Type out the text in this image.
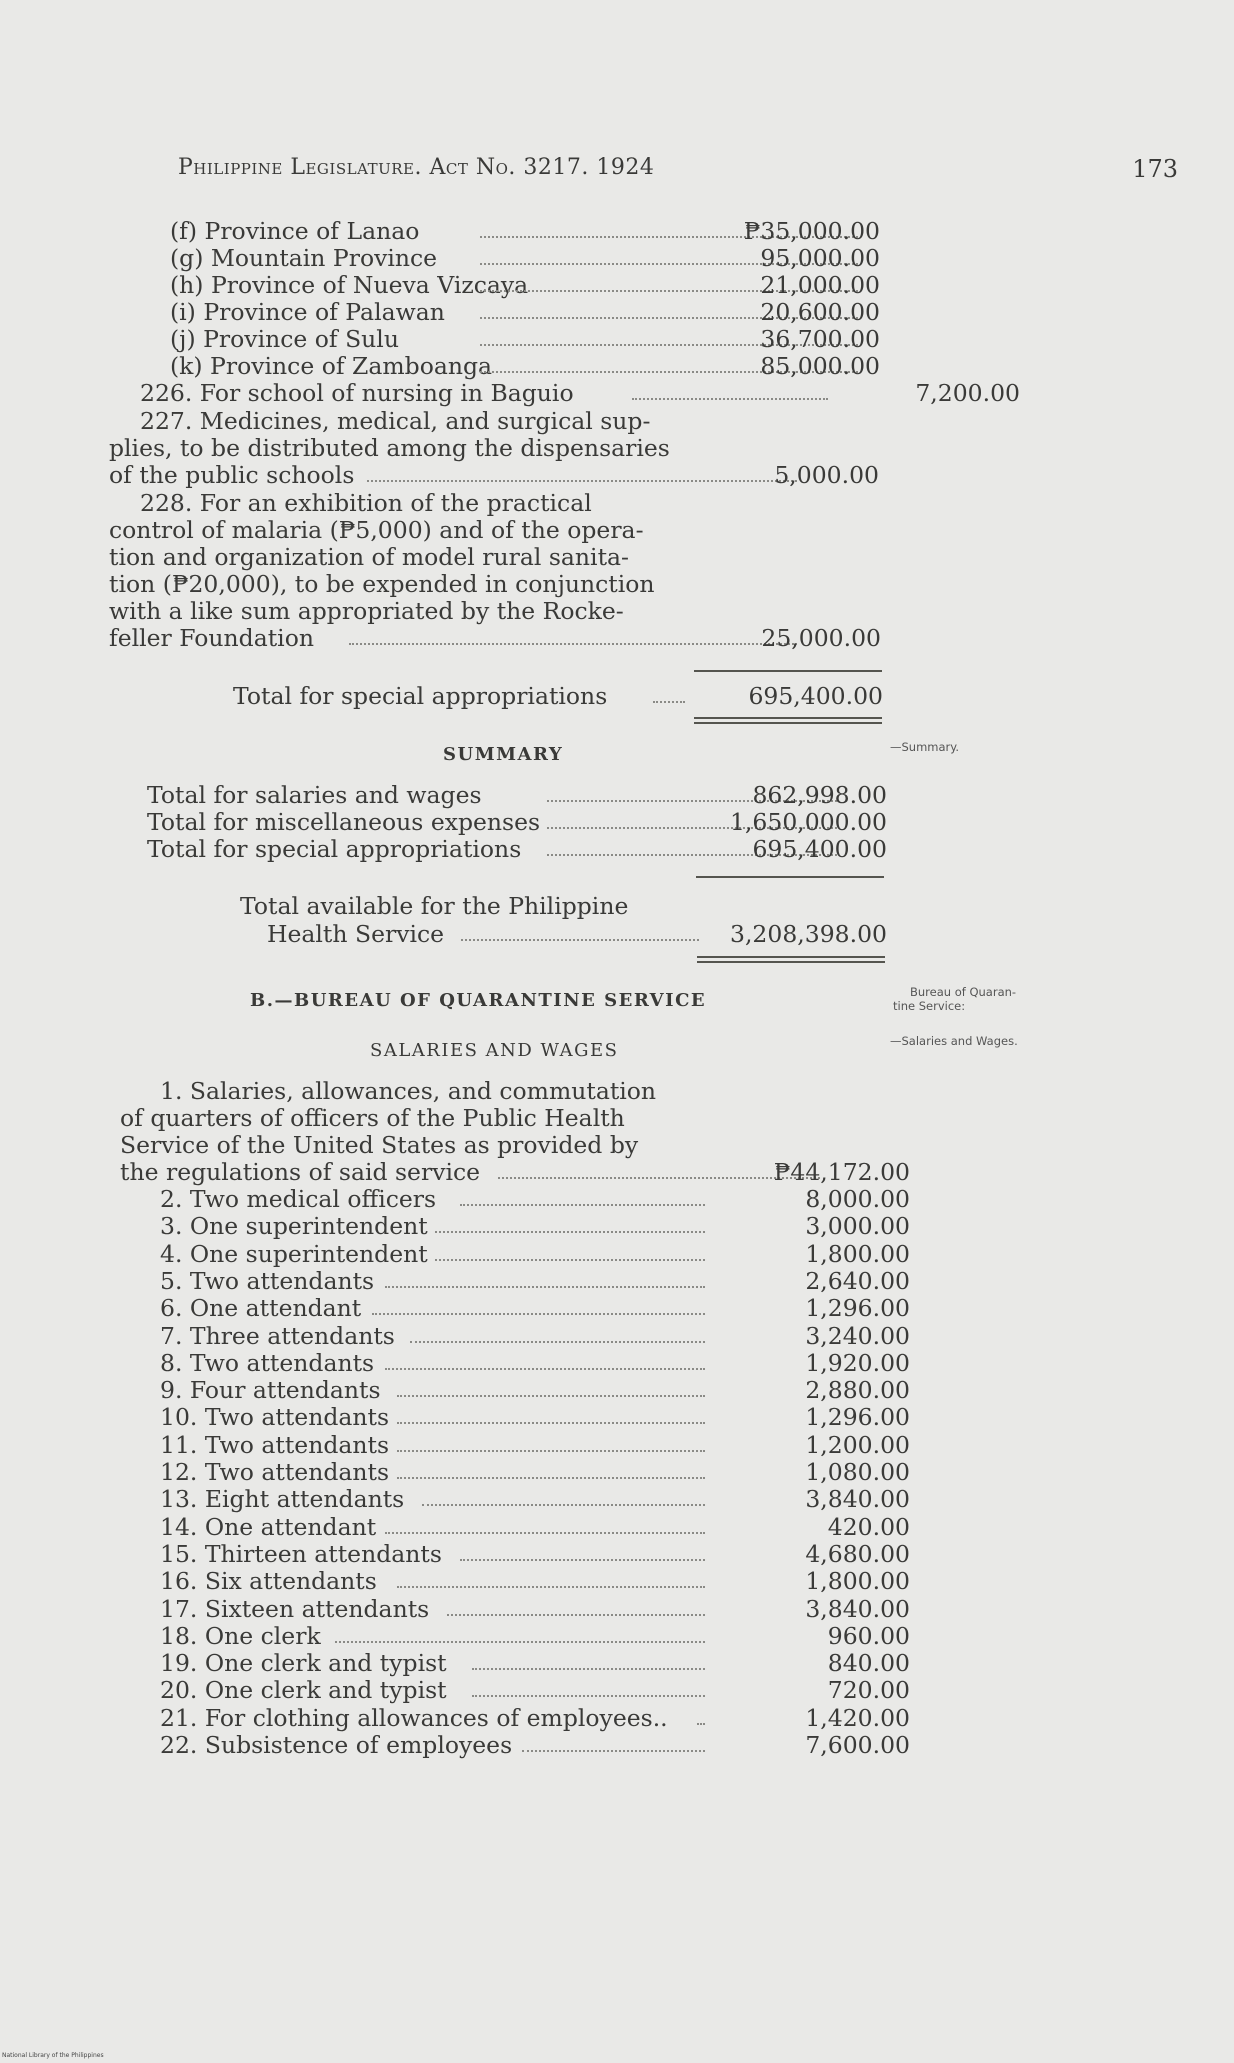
Philippine Legislature. Act No. 3217. 1924	173
(f) Province of Lanao	₱35,000.00
(g) Mountain Province	95,000.00
(h) Province of Nueva Vizcaya	21,000.00
(i) Province of Palawan	20,600.00
(j) Province of Sulu	36,700.00
(k) Province of Zamboanga	85,000.00
226. For school of nursing in Baguio	7,200.00
227. Medicines, medical, and surgical sup-
plies, to be distributed among the dispensaries
of the public schools	5,000.00
228. For an exhibition of the practical
control of malaria (₱5,000) and of the opera-
tion and organization of model rural sanita-
tion (₱20,000), to be expended in conjunction
with a like sum appropriated by the Rocke-
feller Foundation	25,000.00
Total for special appropriations	695,400.00
SUMMARY	—Summary.
Total for salaries and wages	862,998.00
Total for miscellaneous expenses	1,650,000.00
Total for special appropriations	695,400.00
Total available for the Philippine
Health Service	3,208,398.00
B.—BUREAU OF QUARANTINE SERVICE	Bureau of Quaran-
tine Service:
SALARIES AND WAGES	—Salaries and Wages.
1. Salaries, allowances, and commutation
of quarters of officers of the Public Health
Service of the United States as provided by
the regulations of said service	₱44,172.00
2. Two medical officers	8,000.00
3. One superintendent	3,000.00
4. One superintendent	1,800.00
5. Two attendants	2,640.00
6. One attendant	1,296.00
7. Three attendants	3,240.00
8. Two attendants	1,920.00
9. Four attendants	2,880.00
10. Two attendants	1,296.00
11. Two attendants	1,200.00
12. Two attendants	1,080.00
13. Eight attendants	3,840.00
14. One attendant	420.00
15. Thirteen attendants	4,680.00
16. Six attendants	1,800.00
17. Sixteen attendants	3,840.00
18. One clerk	960.00
19. One clerk and typist	840.00
20. One clerk and typist	720.00
21. For clothing allowances of employees..	1,420.00
22. Subsistence of employees	7,600.00
National Library of the Philippines
